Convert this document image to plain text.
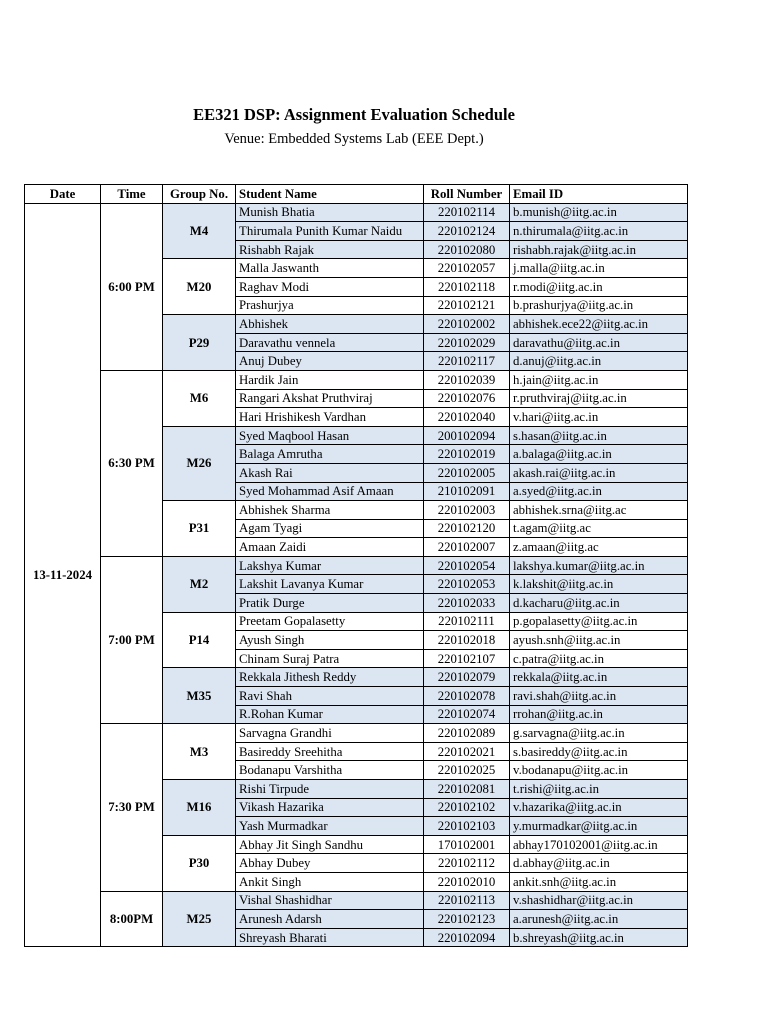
EE321 DSP: Assignment Evaluation Schedule
Venue: Embedded Systems Lab (EEE Dept.)
Date	Time	Group No.	Student Name	Roll Number	Email ID
13-11-2024	6:00 PM	M4	Munish Bhatia	220102114	b.munish@iitg.ac.in
			Thirumala Punith Kumar Naidu	220102124	n.thirumala@iitg.ac.in
			Rishabh Rajak	220102080	rishabh.rajak@iitg.ac.in
		M20	Malla Jaswanth	220102057	j.malla@iitg.ac.in
			Raghav Modi	220102118	r.modi@iitg.ac.in
			Prashurjya	220102121	b.prashurjya@iitg.ac.in
		P29	Abhishek	220102002	abhishek.ece22@iitg.ac.in
			Daravathu vennela	220102029	daravathu@iitg.ac.in
			Anuj Dubey	220102117	d.anuj@iitg.ac.in
	6:30 PM	M6	Hardik Jain	220102039	h.jain@iitg.ac.in
			Rangari Akshat Pruthviraj	220102076	r.pruthviraj@iitg.ac.in
			Hari Hrishikesh Vardhan	220102040	v.hari@iitg.ac.in
		M26	Syed Maqbool Hasan	200102094	s.hasan@iitg.ac.in
			Balaga Amrutha	220102019	a.balaga@iitg.ac.in
			Akash Rai	220102005	akash.rai@iitg.ac.in
			Syed Mohammad Asif Amaan	210102091	a.syed@iitg.ac.in
		P31	Abhishek Sharma	220102003	abhishek.srna@iitg.ac
			Agam Tyagi	220102120	t.agam@iitg.ac
			Amaan Zaidi	220102007	z.amaan@iitg.ac
	7:00 PM	M2	Lakshya Kumar	220102054	lakshya.kumar@iitg.ac.in
			Lakshit Lavanya Kumar	220102053	k.lakshit@iitg.ac.in
			Pratik Durge	220102033	d.kacharu@iitg.ac.in
		P14	Preetam Gopalasetty	220102111	p.gopalasetty@iitg.ac.in
			Ayush Singh	220102018	ayush.snh@iitg.ac.in
			Chinam Suraj Patra	220102107	c.patra@iitg.ac.in
		M35	Rekkala Jithesh Reddy	220102079	rekkala@iitg.ac.in
			Ravi Shah	220102078	ravi.shah@iitg.ac.in
			R.Rohan Kumar	220102074	rrohan@iitg.ac.in
	7:30 PM	M3	Sarvagna Grandhi	220102089	g.sarvagna@iitg.ac.in
			Basireddy Sreehitha	220102021	s.basireddy@iitg.ac.in
			Bodanapu Varshitha	220102025	v.bodanapu@iitg.ac.in
		M16	Rishi Tirpude	220102081	t.rishi@iitg.ac.in
			Vikash Hazarika	220102102	v.hazarika@iitg.ac.in
			Yash Murmadkar	220102103	y.murmadkar@iitg.ac.in
		P30	Abhay Jit Singh Sandhu	170102001	abhay170102001@iitg.ac.in
			Abhay Dubey	220102112	d.abhay@iitg.ac.in
			Ankit Singh	220102010	ankit.snh@iitg.ac.in
	8:00PM	M25	Vishal Shashidhar	220102113	v.shashidhar@iitg.ac.in
			Arunesh Adarsh	220102123	a.arunesh@iitg.ac.in
			Shreyash Bharati	220102094	b.shreyash@iitg.ac.in
